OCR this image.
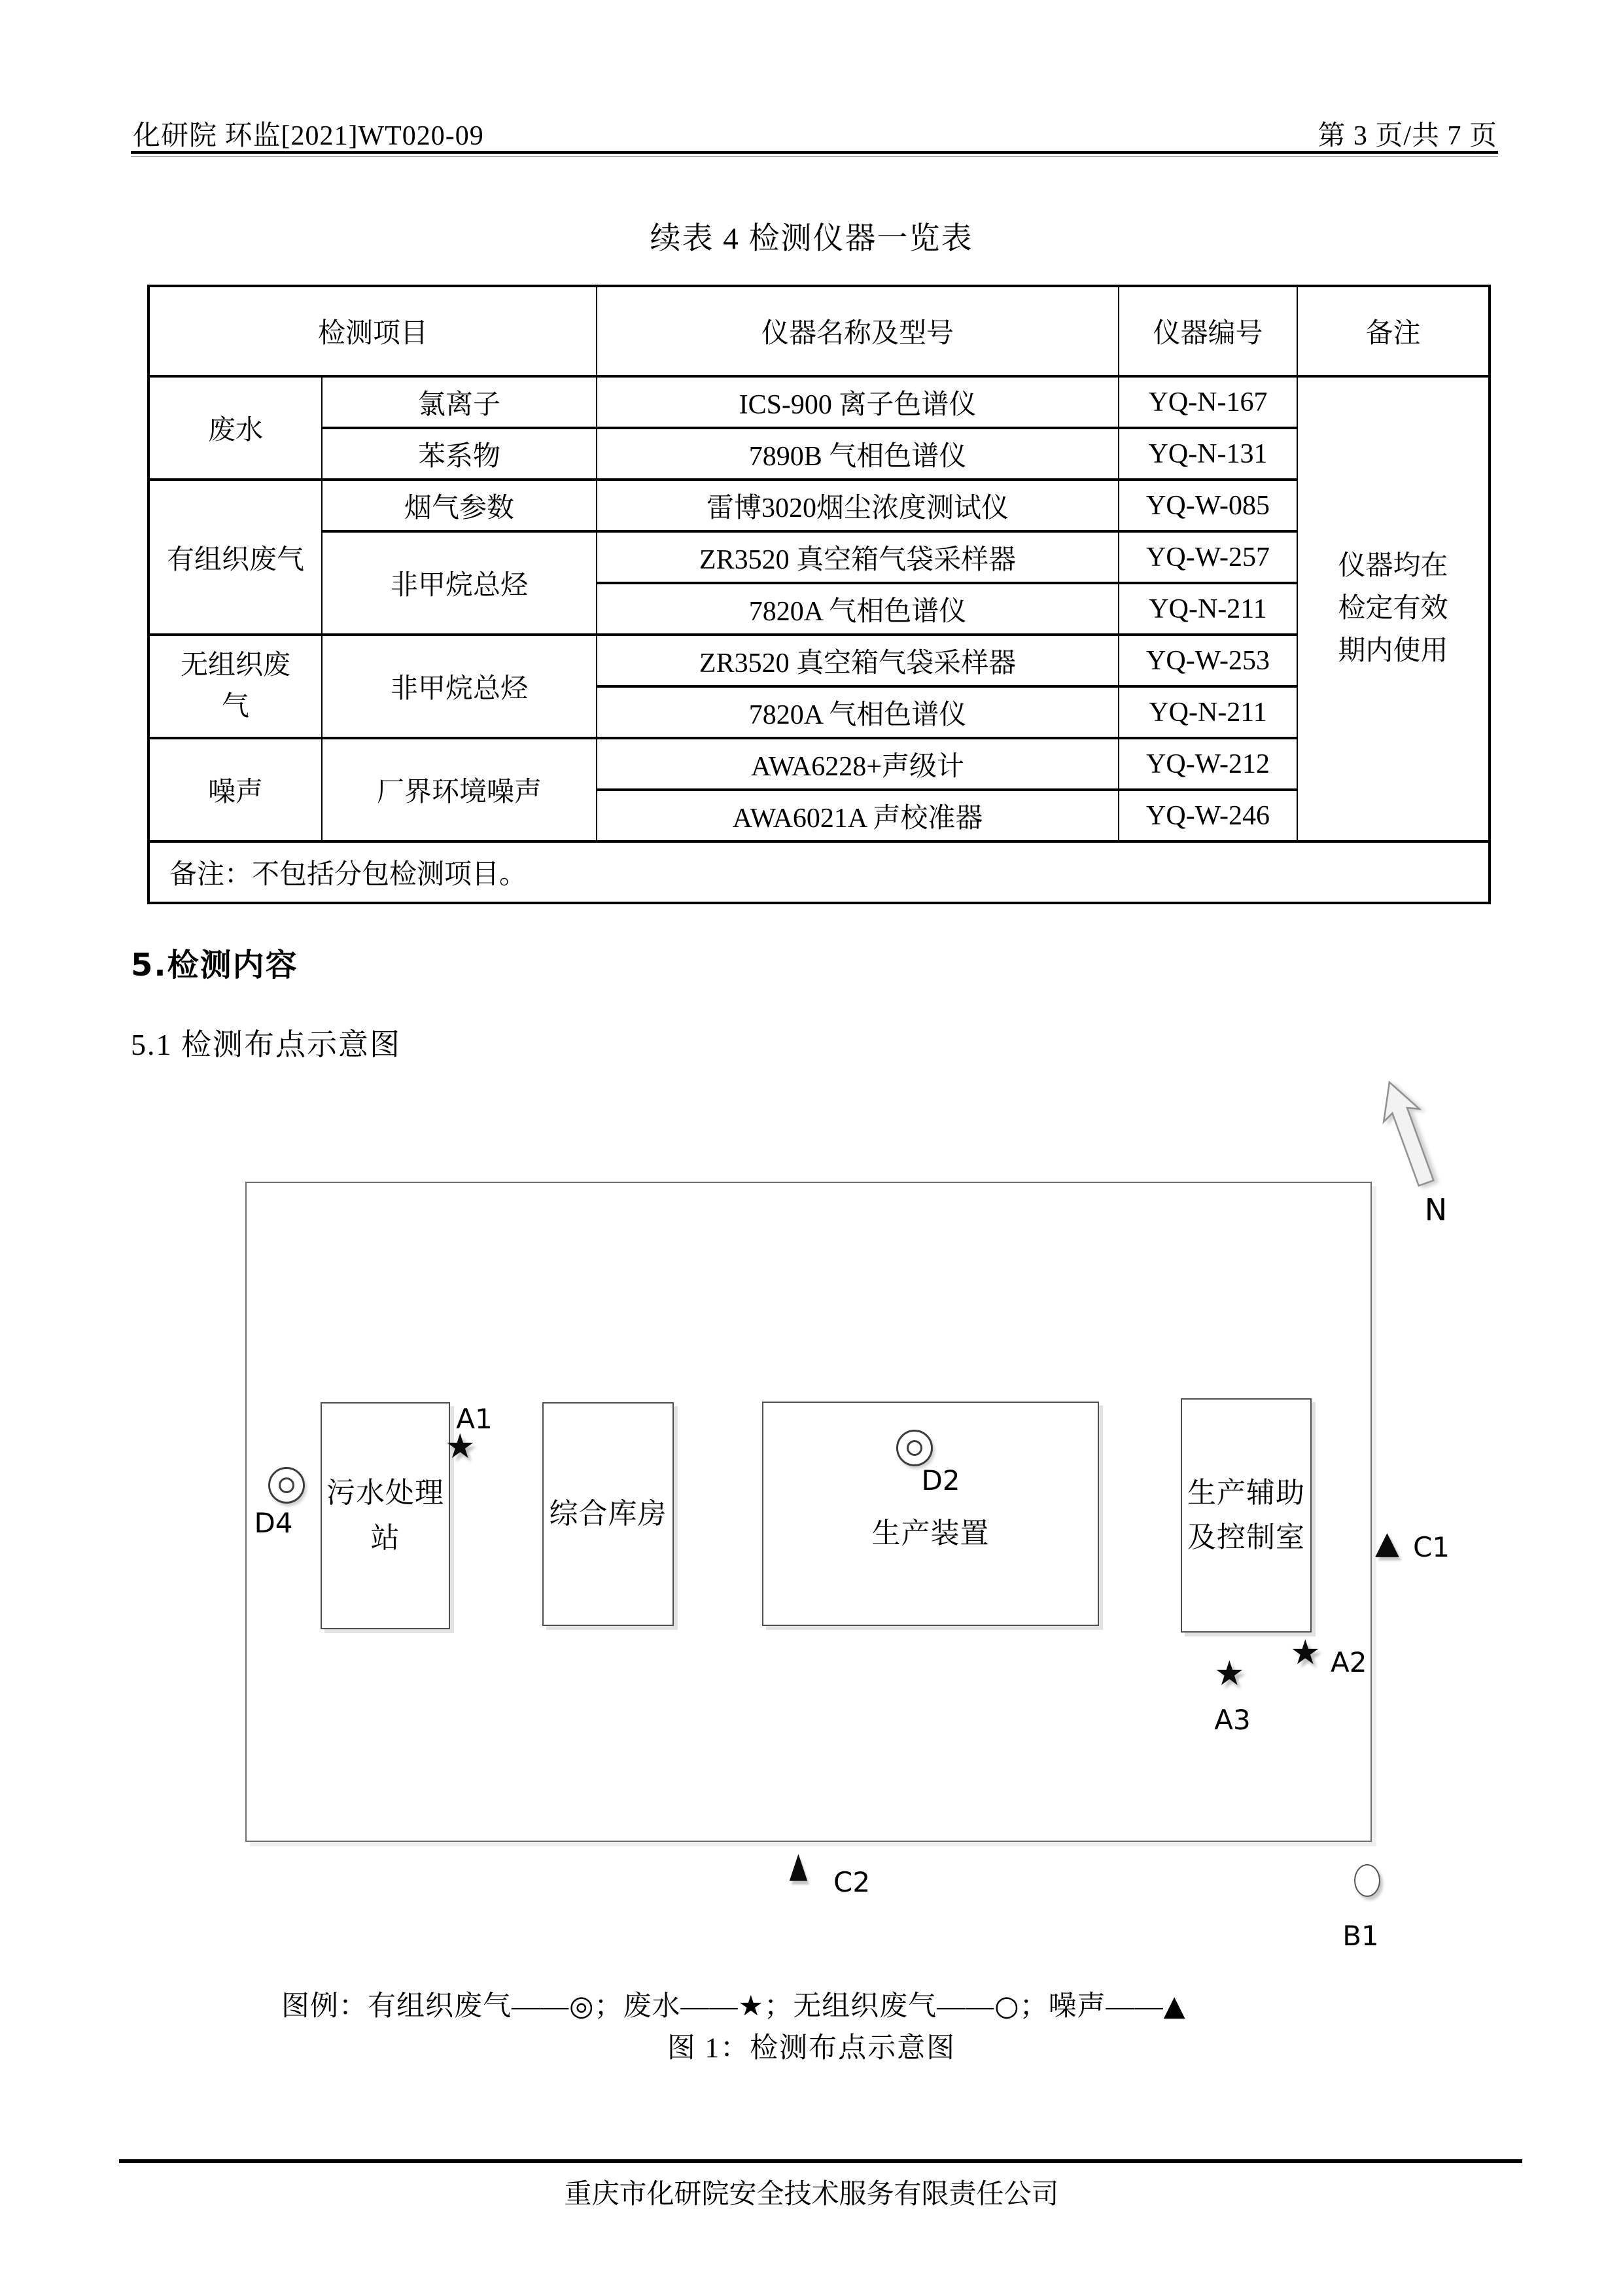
化研院 环监[2021]WT020-09	第 3 页/共 7 页
续表 4 检测仪器一览表
检测项目		仪器名称及型号	仪器编号	备注
废水	氯离子	ICS-900 离子色谱仪	YQ-N-167	仪器均在检定有效期内使用
	苯系物	7890B 气相色谱仪	YQ-N-131	
有组织废气	烟气参数	雷博3020烟尘浓度测试仪	YQ-W-085	
	非甲烷总烃	ZR3520 真空箱气袋采样器	YQ-W-257	
		7820A 气相色谱仪	YQ-N-211	
无组织废气	非甲烷总烃	ZR3520 真空箱气袋采样器	YQ-W-253	
		7820A 气相色谱仪	YQ-N-211	
噪声	厂界环境噪声	AWA6228+声级计	YQ-W-212	
		AWA6021A 声校准器	YQ-W-246	
备注：不包括分包检测项目。				
5.检测内容
5.1 检测布点示意图
N
污水处理站
综合库房
生产装置
生产辅助及控制室
★
A1
D4
D2
▲ C1
★ A2
★
A3
▲ C2
B1
图例：有组织废气——◎；废水——★；无组织废气——○；噪声——▲
图 1：检测布点示意图
重庆市化研院安全技术服务有限责任公司
